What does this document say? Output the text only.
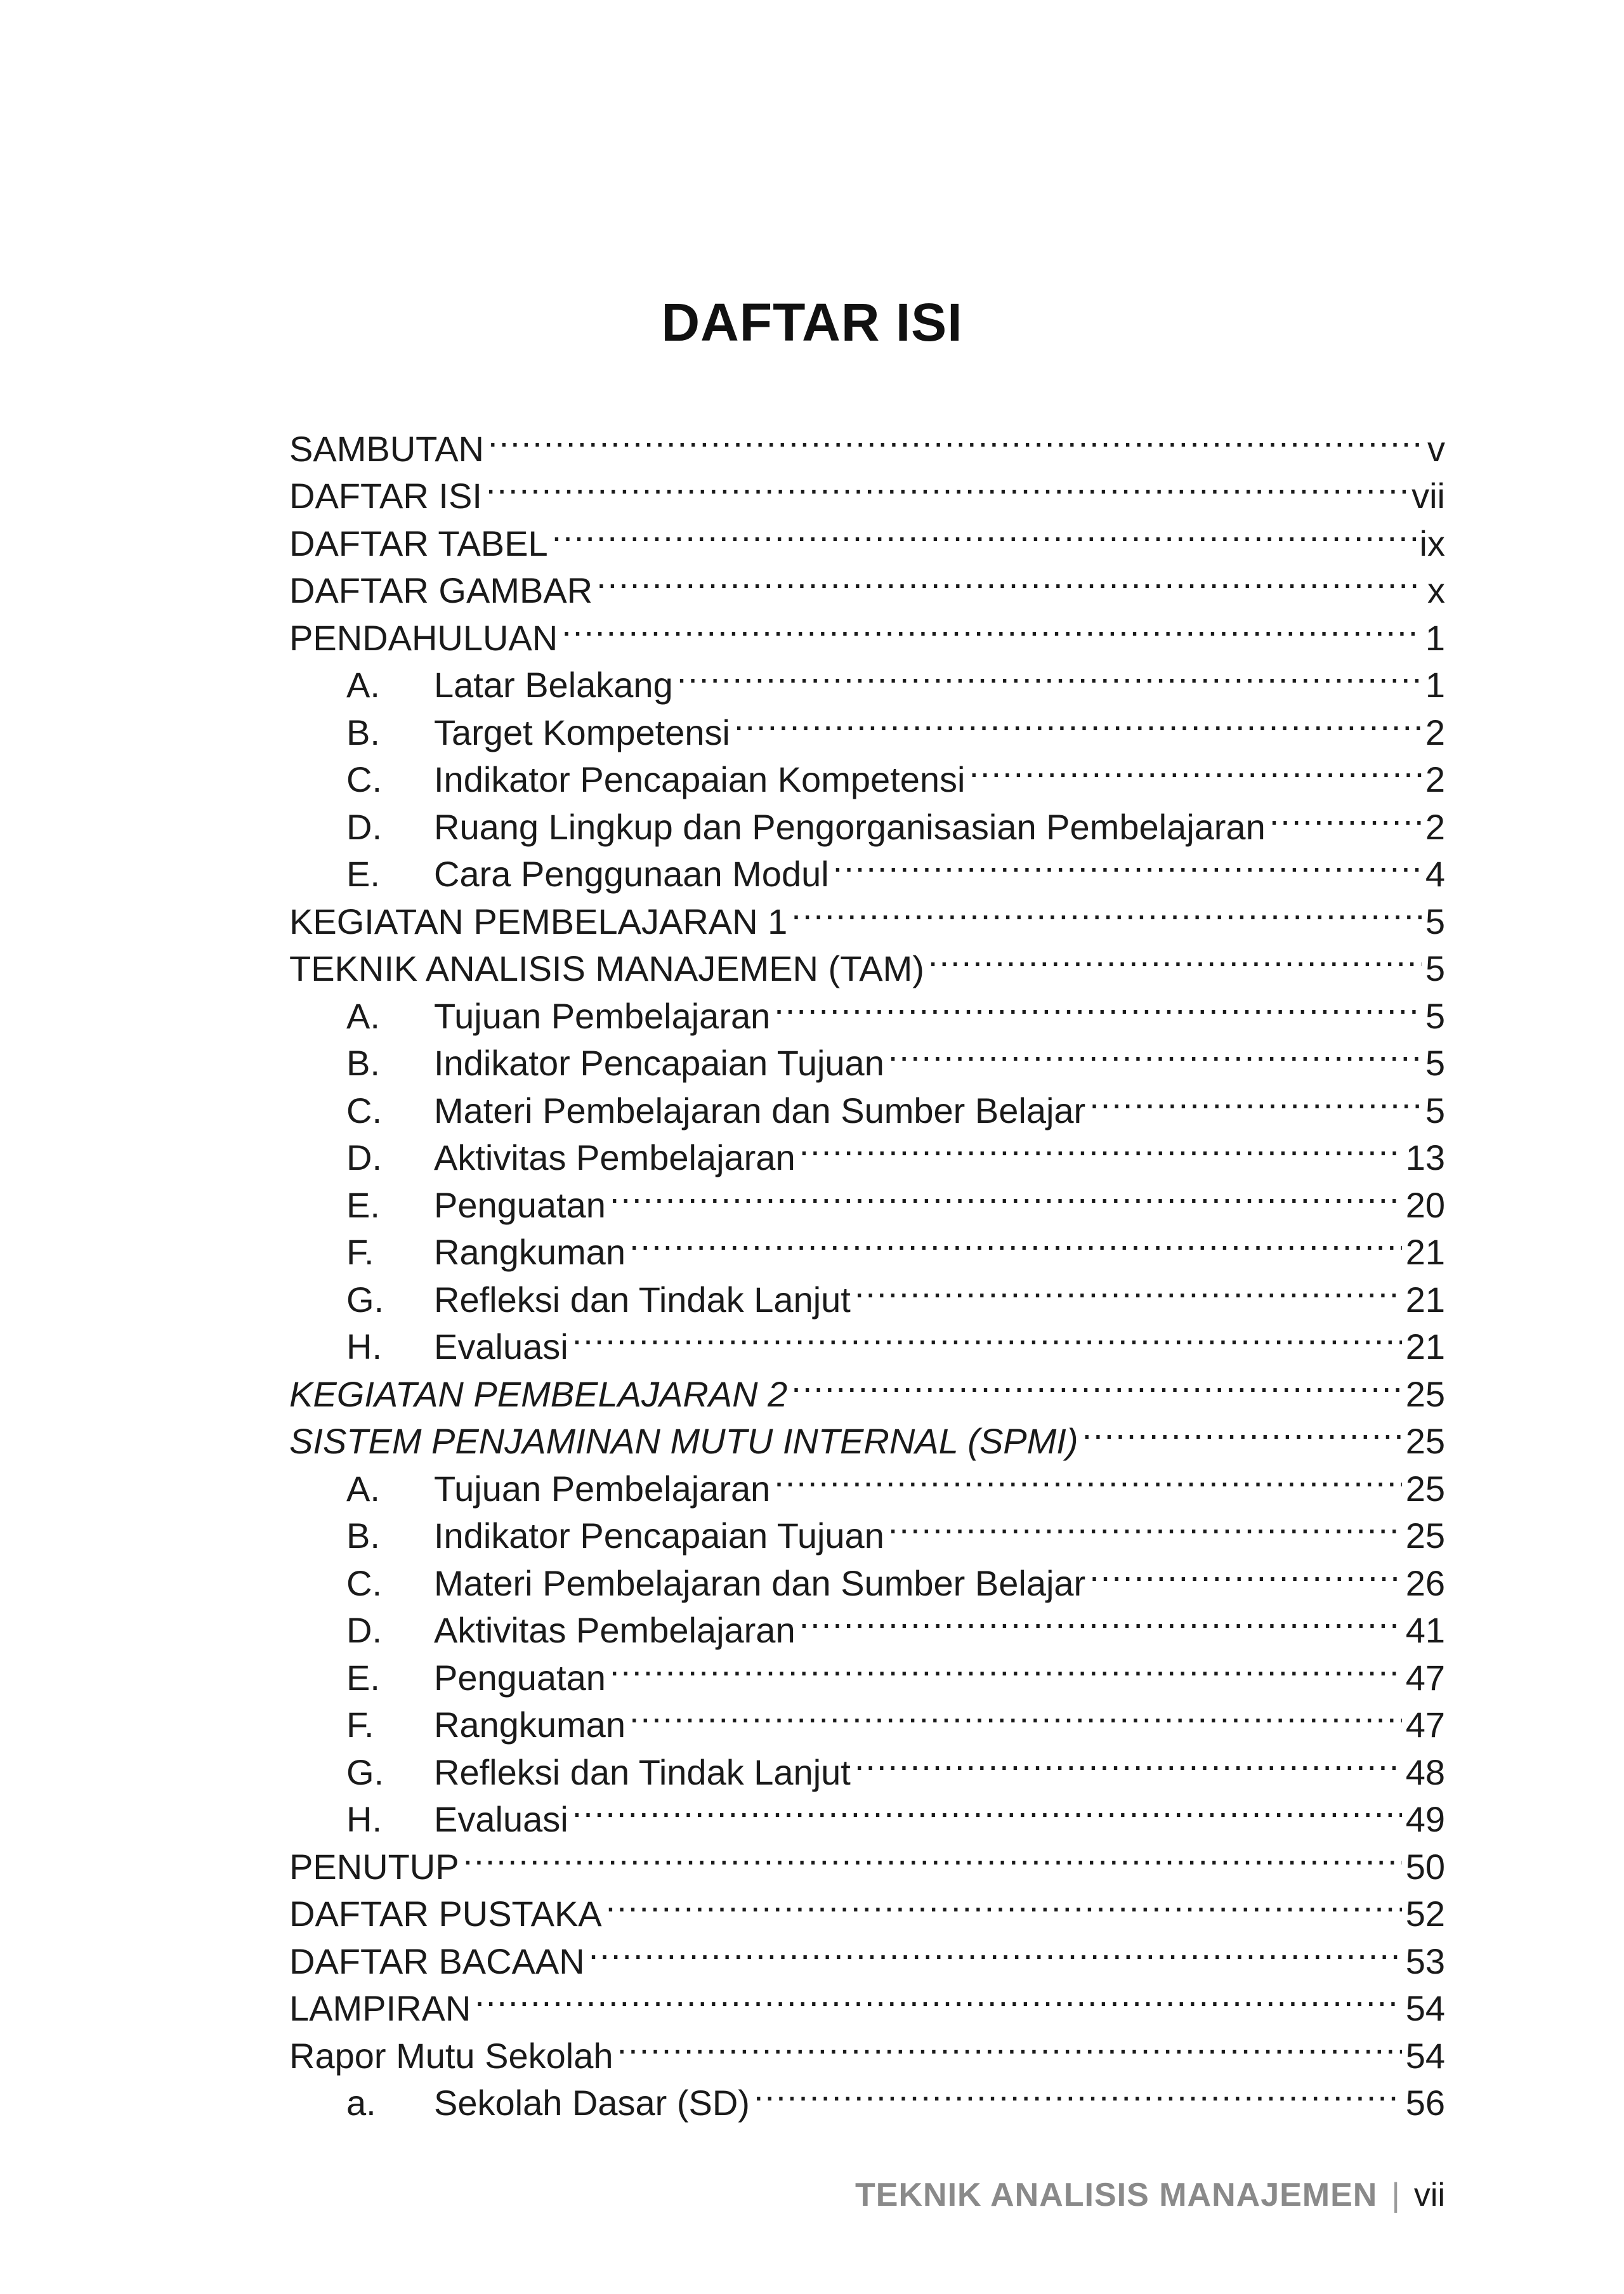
DAFTAR ISI
SAMBUTAN .....	v
DAFTAR ISI .....	vii
DAFTAR TABEL .....	ix
DAFTAR GAMBAR .....	x
PENDAHULUAN .....	1
A.	Latar Belakang .....	1
B.	Target Kompetensi .....	2
C.	Indikator Pencapaian Kompetensi .....	2
D.	Ruang Lingkup dan Pengorganisasian Pembelajaran .....	2
E.	Cara Penggunaan Modul .....	4
KEGIATAN PEMBELAJARAN 1 .....	5
TEKNIK ANALISIS MANAJEMEN (TAM) .....	5
A.	Tujuan Pembelajaran .....	5
B.	Indikator Pencapaian Tujuan .....	5
C.	Materi Pembelajaran dan Sumber Belajar .....	5
D.	Aktivitas Pembelajaran .....	13
E.	Penguatan .....	20
F.	Rangkuman .....	21
G.	Refleksi dan Tindak Lanjut .....	21
H.	Evaluasi .....	21
KEGIATAN PEMBELAJARAN 2 .....	25
SISTEM PENJAMINAN MUTU INTERNAL (SPMI) .....	25
A.	Tujuan Pembelajaran .....	25
B.	Indikator Pencapaian Tujuan .....	25
C.	Materi Pembelajaran dan Sumber Belajar .....	26
D.	Aktivitas Pembelajaran .....	41
E.	Penguatan .....	47
F.	Rangkuman .....	47
G.	Refleksi dan Tindak Lanjut .....	48
H.	Evaluasi .....	49
PENUTUP .....	50
DAFTAR PUSTAKA .....	52
DAFTAR BACAAN .....	53
LAMPIRAN .....	54
Rapor Mutu Sekolah .....	54
a.	Sekolah Dasar (SD) .....	56
TEKNIK ANALISIS MANAJEMEN | vii
